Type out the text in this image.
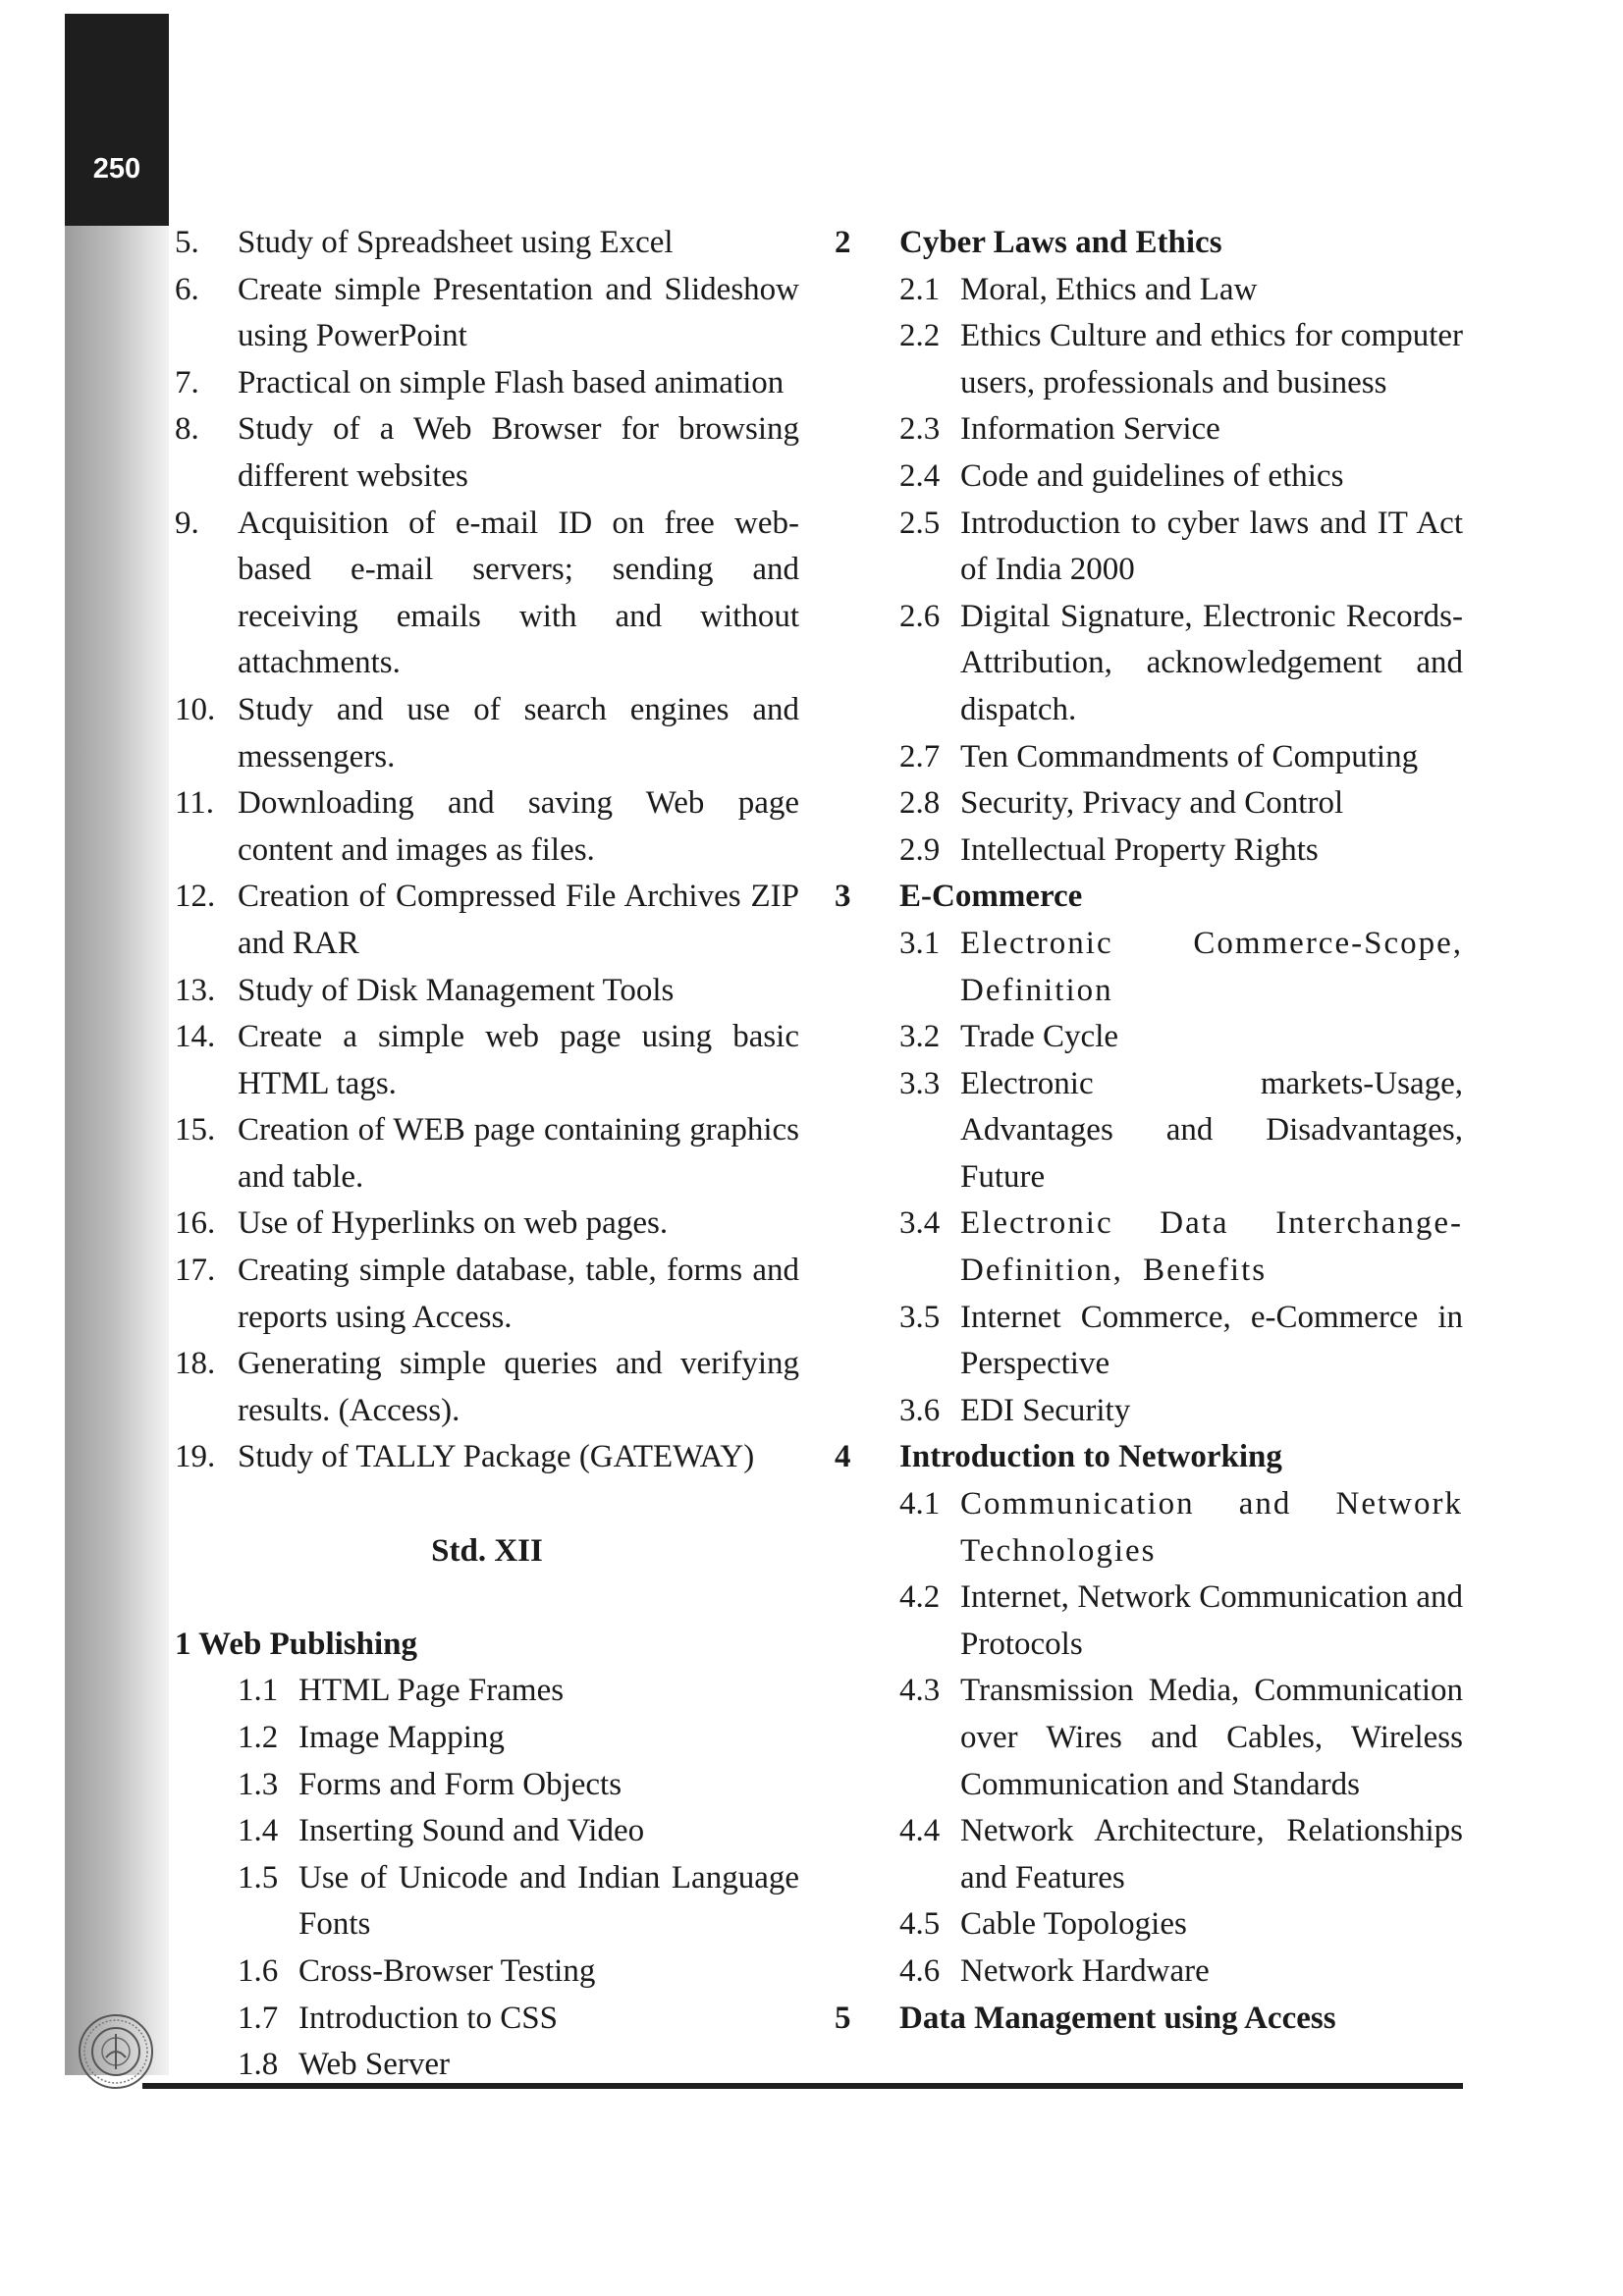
250
5.	Study of Spreadsheet using Excel
6.	Create simple Presentation and Slideshow using PowerPoint
7.	Practical on simple Flash based animation
8.	Study of a Web Browser for browsing different websites
9.	Acquisition of e-mail ID on free web-based e-mail servers; sending and receiving emails with and without attachments.
10. Study and use of search engines and messengers.
11. Downloading and saving Web page content and images as files.
12. Creation of Compressed File Archives ZIP and RAR
13. Study of Disk Management Tools
14. Create a simple web page using basic HTML tags.
15. Creation of WEB page containing graphics and table.
16. Use of Hyperlinks on web pages.
17. Creating simple database, table, forms and reports using Access.
18. Generating simple queries and verifying results. (Access).
19. Study of TALLY Package (GATEWAY)
Std. XII
1 Web Publishing
1.1 HTML Page Frames
1.2 Image Mapping
1.3 Forms and Form Objects
1.4 Inserting Sound and Video
1.5 Use of Unicode and Indian Language Fonts
1.6 Cross-Browser Testing
1.7 Introduction to CSS
1.8 Web Server
2	Cyber Laws and Ethics
2.1 Moral, Ethics and Law
2.2 Ethics Culture and ethics for computer users, professionals and business
2.3 Information Service
2.4 Code and guidelines of ethics
2.5 Introduction to cyber laws and IT Act of India 2000
2.6 Digital Signature, Electronic Records-Attribution, acknowledgement and dispatch.
2.7 Ten Commandments of Computing
2.8 Security, Privacy and Control
2.9 Intellectual Property Rights
3	E-Commerce
3.1 Electronic Commerce-Scope, Definition
3.2 Trade Cycle
3.3 Electronic markets-Usage, Advantages and Disadvantages, Future
3.4 Electronic Data Interchange-Definition, Benefits
3.5 Internet Commerce, e-Commerce in Perspective
3.6 EDI Security
4	Introduction to Networking
4.1 Communication and Network Technologies
4.2 Internet, Network Communication and Protocols
4.3 Transmission Media, Communication over Wires and Cables, Wireless Communication and Standards
4.4 Network Architecture, Relationships and Features
4.5 Cable Topologies
4.6 Network Hardware
5	Data Management using Access
